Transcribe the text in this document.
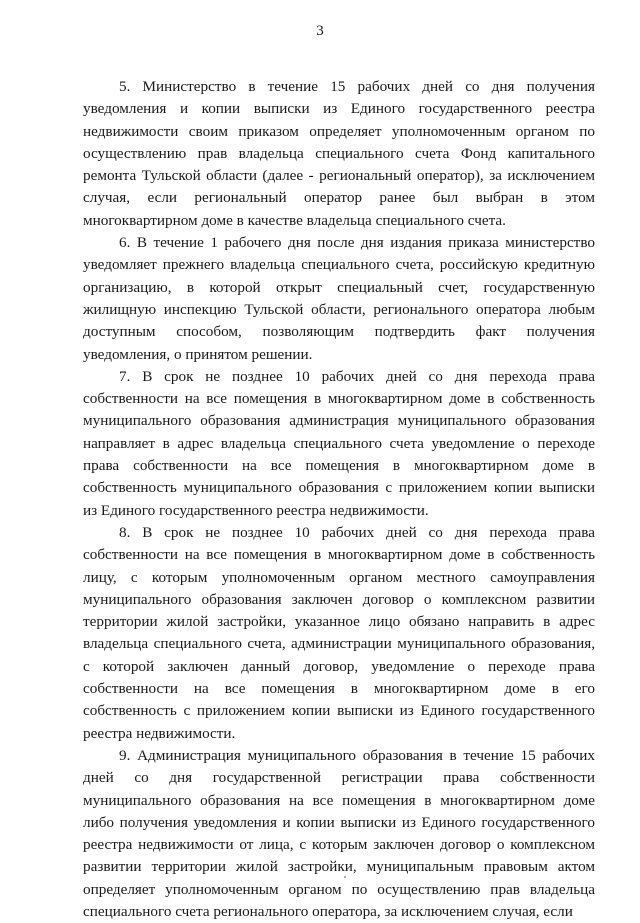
3

5. Министерство в течение 15 рабочих дней со дня получения уведомления и копии выписки из Единого государственного реестра недвижимости своим приказом определяет уполномоченным органом по осуществлению прав владельца специального счета Фонд капитального ремонта Тульской области (далее - региональный оператор), за исключением случая, если региональный оператор ранее был выбран в этом многоквартирном доме в качестве владельца специального счета.

6. В течение 1 рабочего дня после дня издания приказа министерство уведомляет прежнего владельца специального счета, российскую кредитную организацию, в которой открыт специальный счет, государственную жилищную инспекцию Тульской области, регионального оператора любым доступным способом, позволяющим подтвердить факт получения уведомления, о принятом решении.

7. В срок не позднее 10 рабочих дней со дня перехода права собственности на все помещения в многоквартирном доме в собственность муниципального образования администрация муниципального образования направляет в адрес владельца специального счета уведомление о переходе права собственности на все помещения в многоквартирном доме в собственность муниципального образования с приложением копии выписки из Единого государственного реестра недвижимости.

8. В срок не позднее 10 рабочих дней со дня перехода права собственности на все помещения в многоквартирном доме в собственность лицу, с которым уполномоченным органом местного самоуправления муниципального образования заключен договор о комплексном развитии территории жилой застройки, указанное лицо обязано направить в адрес владельца специального счета, администрации муниципального образования, с которой заключен данный договор, уведомление о переходе права собственности на все помещения в многоквартирном доме в его собственность с приложением копии выписки из Единого государственного реестра недвижимости.

9. Администрация муниципального образования в течение 15 рабочих дней со дня государственной регистрации права собственности муниципального образования на все помещения в многоквартирном доме либо получения уведомления и копии выписки из Единого государственного реестра недвижимости от лица, с которым заключен договор о комплексном развитии территории жилой застройки, муниципальным правовым актом определяет уполномоченным органом по осуществлению прав владельца специального счета регионального оператора, за исключением случая, если
